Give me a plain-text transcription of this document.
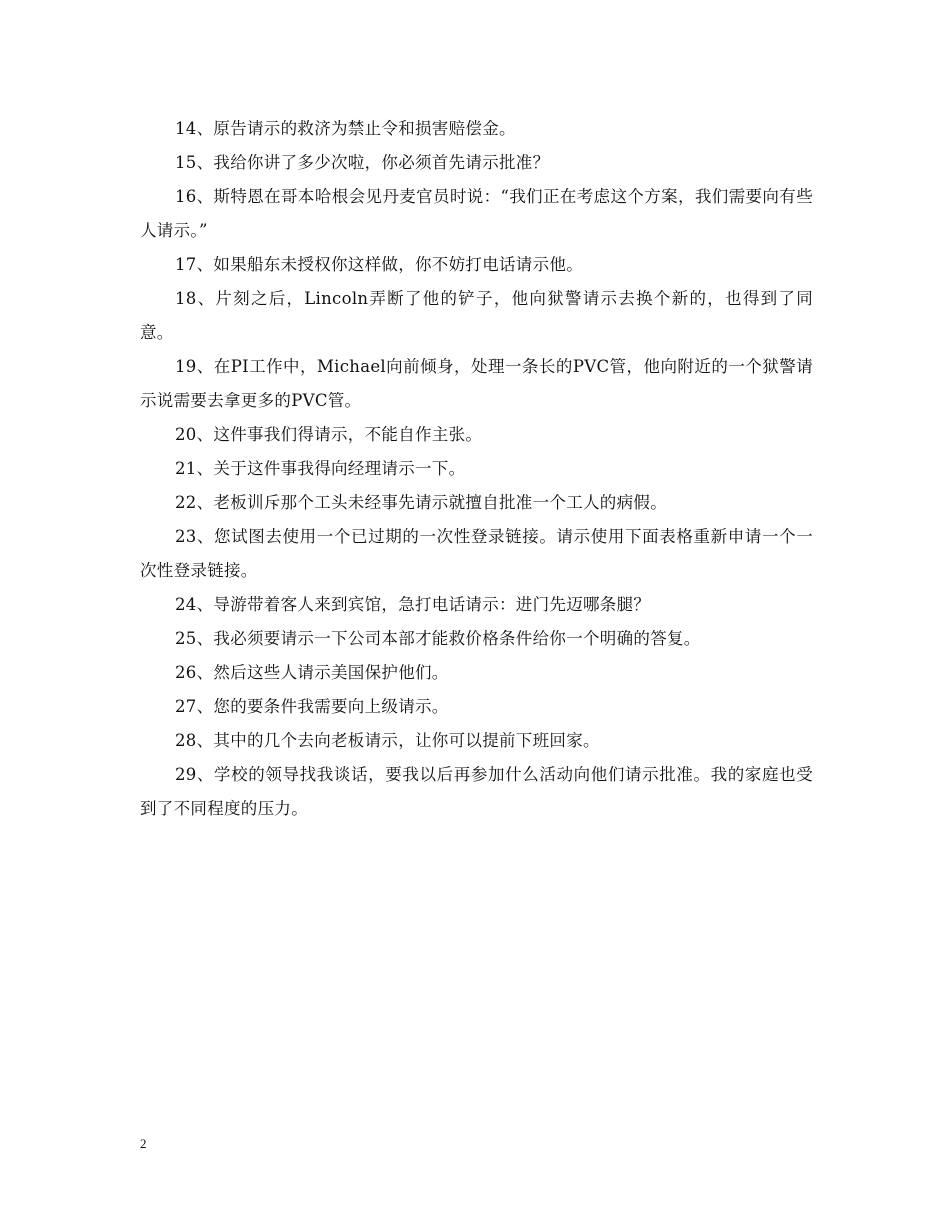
14、原告请示的救济为禁止令和损害赔偿金。

15、我给你讲了多少次啦，你必须首先请示批准？

16、斯特恩在哥本哈根会见丹麦官员时说：“我们正在考虑这个方案，我们需要向有些人请示。”

17、如果船东未授权你这样做，你不妨打电话请示他。

18、片刻之后，Lincoln弄断了他的铲子，他向狱警请示去换个新的，也得到了同意。

19、在PI工作中，Michael向前倾身，处理一条长的PVC管，他向附近的一个狱警请示说需要去拿更多的PVC管。

20、这件事我们得请示，不能自作主张。

21、关于这件事我得向经理请示一下。

22、老板训斥那个工头未经事先请示就擅自批准一个工人的病假。

23、您试图去使用一个已过期的一次性登录链接。请示使用下面表格重新申请一个一次性登录链接。

24、导游带着客人来到宾馆，急打电话请示：进门先迈哪条腿？

25、我必须要请示一下公司本部才能救价格条件给你一个明确的答复。

26、然后这些人请示美国保护他们。

27、您的要条件我需要向上级请示。

28、其中的几个去向老板请示，让你可以提前下班回家。

29、学校的领导找我谈话，要我以后再参加什么活动向他们请示批准。我的家庭也受到了不同程度的压力。

2
